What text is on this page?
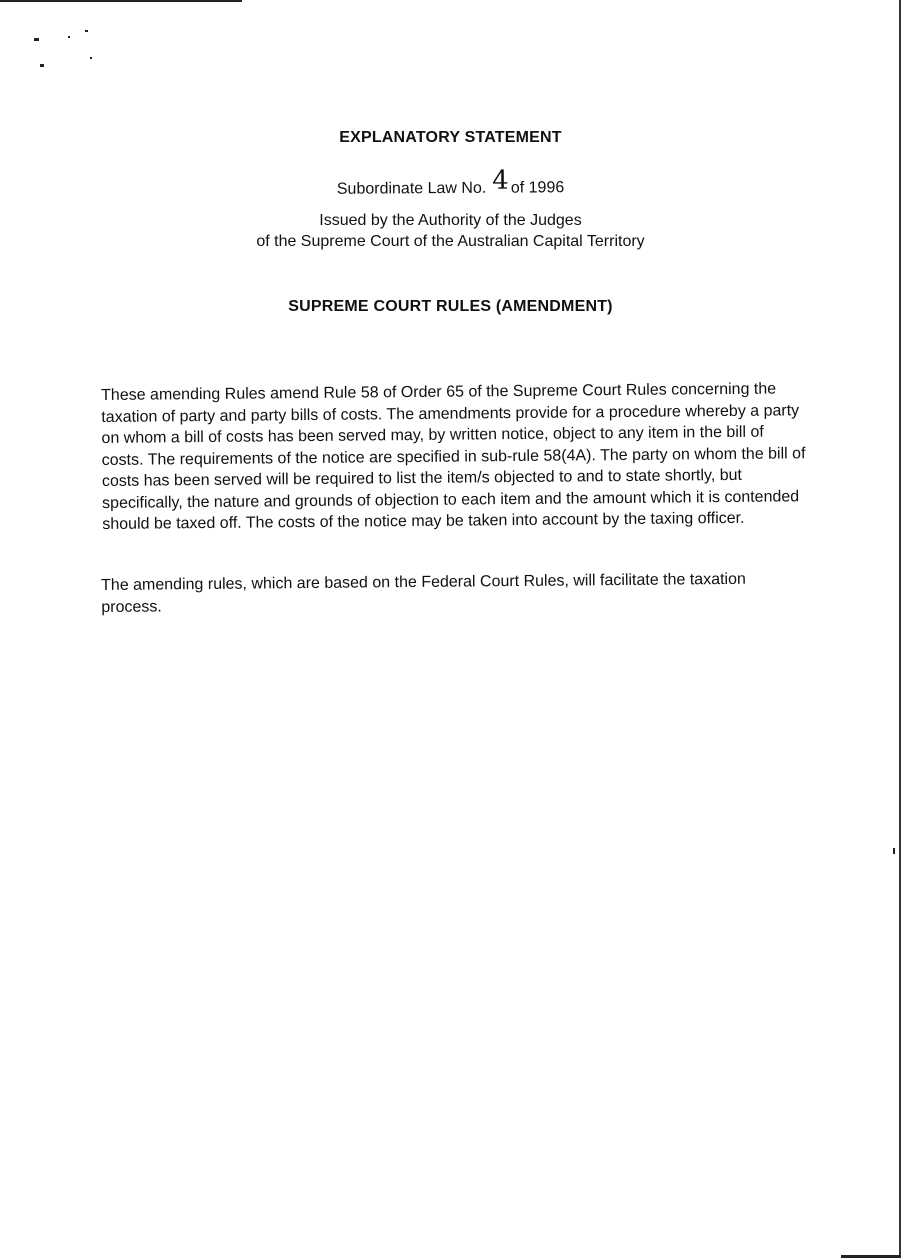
EXPLANATORY STATEMENT
Subordinate Law No. 4 of 1996
Issued by the Authority of the Judges
of the Supreme Court of the Australian Capital Territory
SUPREME COURT RULES (AMENDMENT)

These amending Rules amend Rule 58 of Order 65 of the Supreme Court Rules concerning the taxation of party and party bills of costs. The amendments provide for a procedure whereby a party on whom a bill of costs has been served may, by written notice, object to any item in the bill of costs. The requirements of the notice are specified in sub-rule 58(4A). The party on whom the bill of costs has been served will be required to list the item/s objected to and to state shortly, but specifically, the nature and grounds of objection to each item and the amount which it is contended should be taxed off. The costs of the notice may be taken into account by the taxing officer.

The amending rules, which are based on the Federal Court Rules, will facilitate the taxation process.
